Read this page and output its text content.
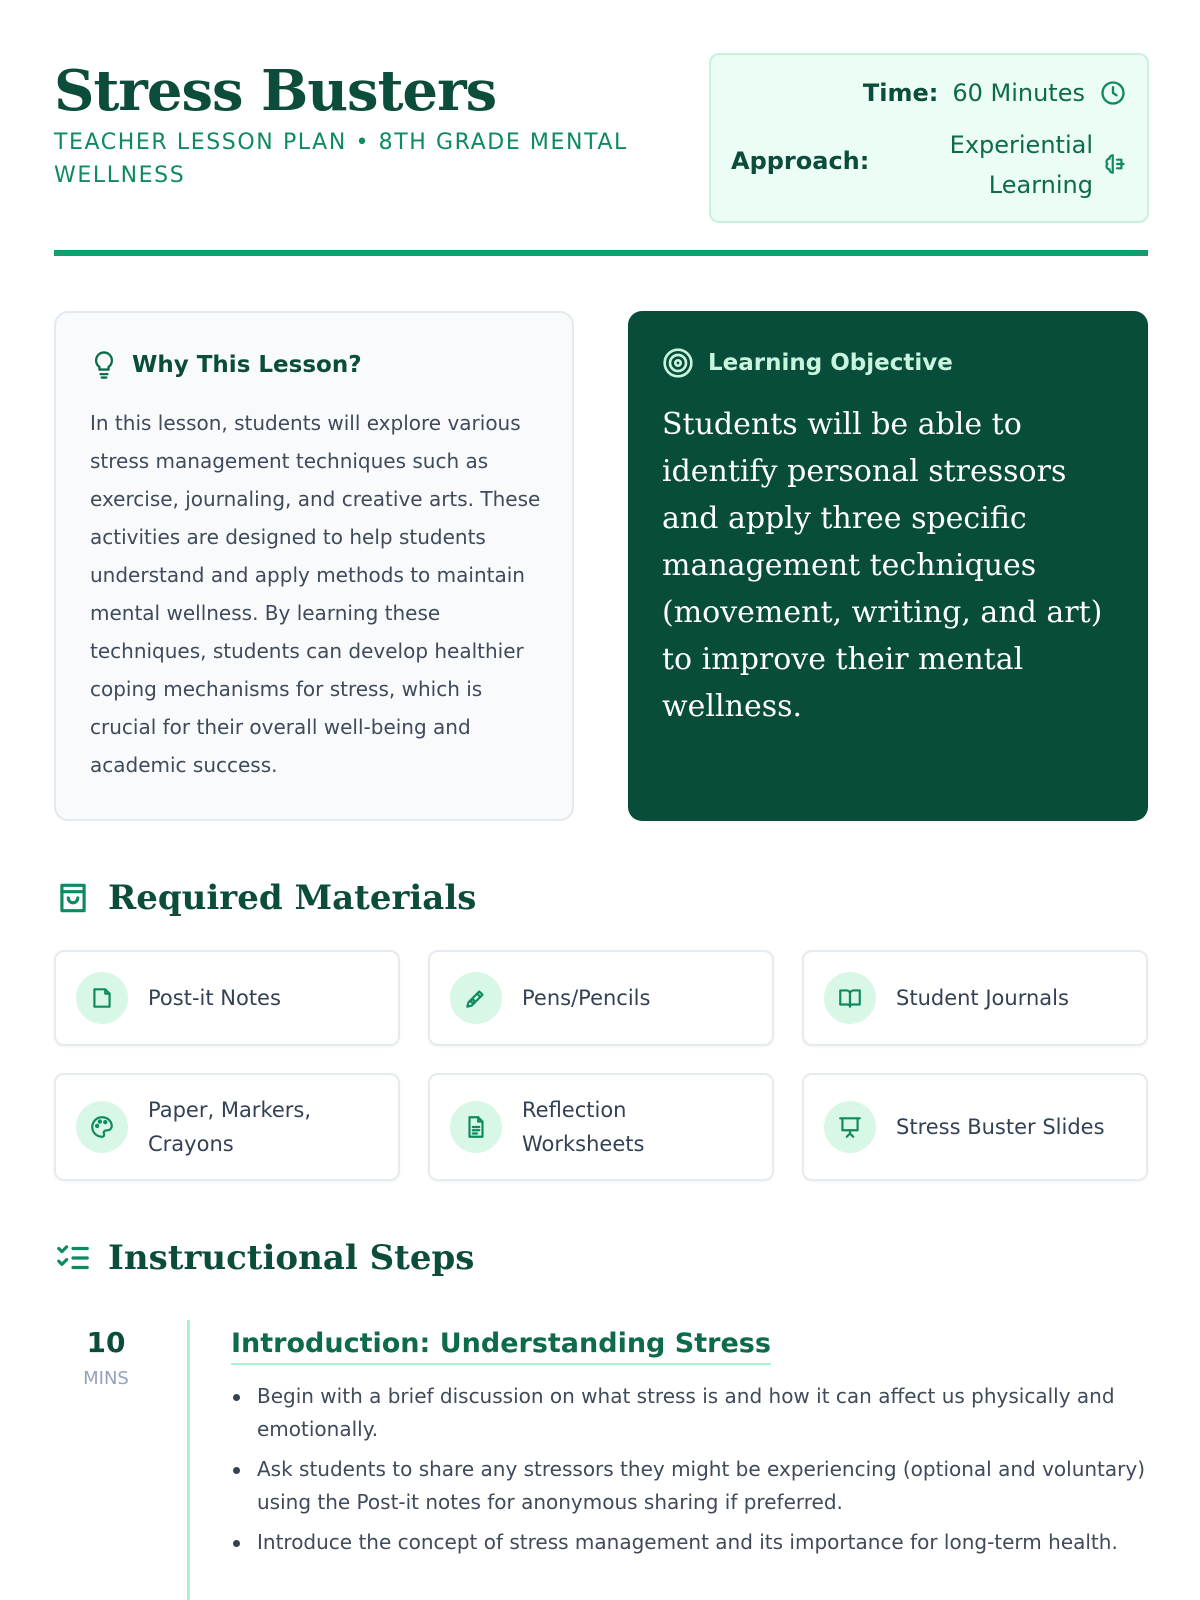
Stress Busters
TEACHER LESSON PLAN • 8TH GRADE MENTAL WELLNESS
Time: 60 Minutes
Approach:
Experiential Learning
Why This Lesson?

In this lesson, students will explore various stress management techniques such as exercise, journaling, and creative arts. These activities are designed to help students understand and apply methods to maintain mental wellness. By learning these techniques, students can develop healthier coping mechanisms for stress, which is crucial for their overall well-being and academic success.

Learning Objective

Students will be able to identify personal stressors and apply three specific management techniques (movement, writing, and art) to improve their mental wellness.

Required Materials
Post-it Notes	Pens/Pencils	Student Journals
Paper, Markers, Crayons
Reflection Worksheets
Stress Buster Slides
Instructional Steps
10
MINS
Introduction: Understanding Stress
Begin with a brief discussion on what stress is and how it can affect us physically and emotionally.
Ask students to share any stressors they might be experiencing (optional and voluntary) using the Post-it notes for anonymous sharing if preferred.
Introduce the concept of stress management and its importance for long-term health.
